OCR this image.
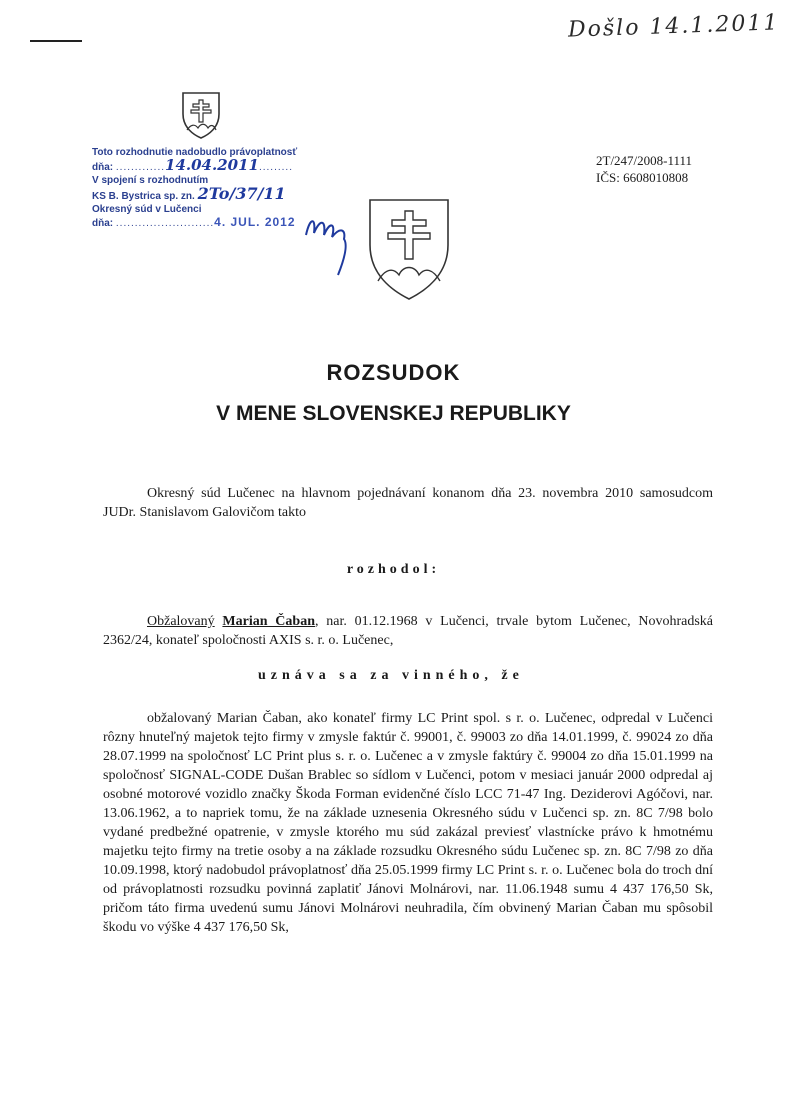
Došlo 14.1.2011
Toto rozhodnutie nadobudlo právoplatnosť
dňa: .............14.04.2011.........
V spojení s rozhodnutím
KS B. Bystrica sp. zn. 2To/37/11
Okresný súd v Lučenci
dňa: ..........................4. JUL. 2012
2T/247/2008-1111
IČS: 6608010808
ROZSUDOK
V MENE SLOVENSKEJ REPUBLIKY
Okresný súd Lučenec na hlavnom pojednávaní konanom dňa 23. novembra 2010 samosudcom JUDr. Stanislavom Galovičom takto
rozhodol:
Obžalovaný Marian Čaban, nar. 01.12.1968 v Lučenci, trvale bytom Lučenec, Novohradská 2362/24, konateľ spoločnosti AXIS s. r. o. Lučenec,
uznáva sa za vinného, že
obžalovaný Marian Čaban, ako konateľ firmy LC Print spol. s r. o. Lučenec, odpredal v Lučenci rôzny hnuteľný majetok tejto firmy v zmysle faktúr č. 99001, č. 99003 zo dňa 14.01.1999, č. 99024 zo dňa 28.07.1999 na spoločnosť LC Print plus s. r. o. Lučenec a v zmysle faktúry č. 99004 zo dňa 15.01.1999 na spoločnosť SIGNAL-CODE Dušan Brablec so sídlom v Lučenci, potom v mesiaci január 2000 odpredal aj osobné motorové vozidlo značky Škoda Forman evidenčné číslo LCC 71-47 Ing. Deziderovi Agóčovi, nar. 13.06.1962, a to napriek tomu, že na základe uznesenia Okresného súdu v Lučenci sp. zn. 8C 7/98 bolo vydané predbežné opatrenie, v zmysle ktorého mu súd zakázal previesť vlastnícke právo k hmotnému majetku tejto firmy na tretie osoby a na základe rozsudku Okresného súdu Lučenec sp. zn. 8C 7/98 zo dňa 10.09.1998, ktorý nadobudol právoplatnosť dňa 25.05.1999 firmy LC Print s. r. o. Lučenec bola do troch dní od právoplatnosti rozsudku povinná zaplatiť Jánovi Molnárovi, nar. 11.06.1948 sumu 4 437 176,50 Sk, pričom táto firma uvedenú sumu Jánovi Molnárovi neuhradila, čím obvinený Marian Čaban mu spôsobil škodu vo výške 4 437 176,50 Sk,
